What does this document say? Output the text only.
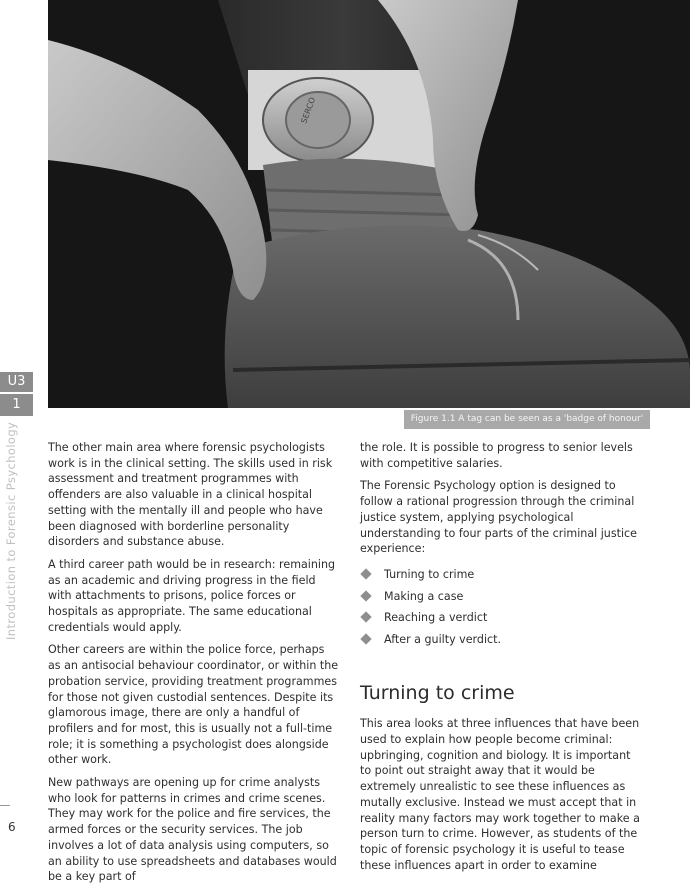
SERCO
Figure 1.1 A tag can be seen as a 'badge of honour'
U3
1
Introduction to Forensic Psychology	The other main area where forensic psychologists work is in the clinical setting. The skills used in risk assessment and treatment programmes with offenders are also valuable in a clinical hospital setting with the mentally ill and people who have been diagnosed with borderline personality disorders and substance abuse.

A third career path would be in research: remaining as an academic and driving progress in the field with attachments to prisons, police forces or hospitals as appropriate. The same educational credentials would apply.

Other careers are within the police force, perhaps as an antisocial behaviour coordinator, or within the probation service, providing treatment programmes for those not given custodial sentences. Despite its glamorous image, there are only a handful of profilers and for most, this is usually not a full-time role; it is something a psychologist does alongside other work.

New pathways are opening up for crime analysts who look for patterns in crimes and crime scenes. They may work for the police and fire services, the armed forces or the security services. The job involves a lot of data analysis using computers, so an ability to use spreadsheets and databases would be a key part of

the role. It is possible to progress to senior levels with competitive salaries.

The Forensic Psychology option is designed to follow a rational progression through the criminal justice system, applying psychological understanding to four parts of the criminal justice experience:

Turning to crime
Making a case
Reaching a verdict
After a guilty verdict.
Turning to crime

This area looks at three influences that have been used to explain how people become criminal: upbringing, cognition and biology. It is important to point out straight away that it would be extremely unrealistic to see these influences as mutally exclusive. Instead we must accept that in reality many factors may work together to make a person turn to crime. However, as students of the topic of forensic psychology it is useful to tease these influences apart in order to examine

6
